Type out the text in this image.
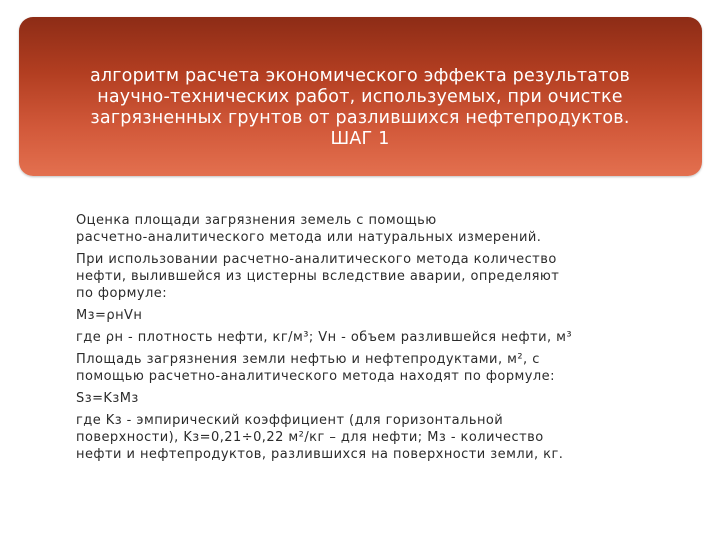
алгоритм расчета экономического эффекта результатов
научно-технических работ, используемых, при очистке
загрязненных грунтов от разлившихся нефтепродуктов.
ШАГ 1
Оценка площади загрязнения земель с помощью
расчетно-аналитического метода или натуральных измерений.
При использовании расчетно-аналитического метода количество
нефти, вылившейся из цистерны вследствие аварии, определяют
по формуле:
Mз=ρнVн
где ρн - плотность нефти, кг/м³; Vн - объем разлившейся нефти, м³
Площадь загрязнения земли нефтью и нефтепродуктами, м², с
помощью расчетно-аналитического метода находят по формуле:
Sз=KзMз
где Kз - эмпирический коэффициент (для горизонтальной
поверхности), Kз=0,21÷0,22 м²/кг – для нефти; Mз - количество
нефти и нефтепродуктов, разлившихся на поверхности земли, кг.
